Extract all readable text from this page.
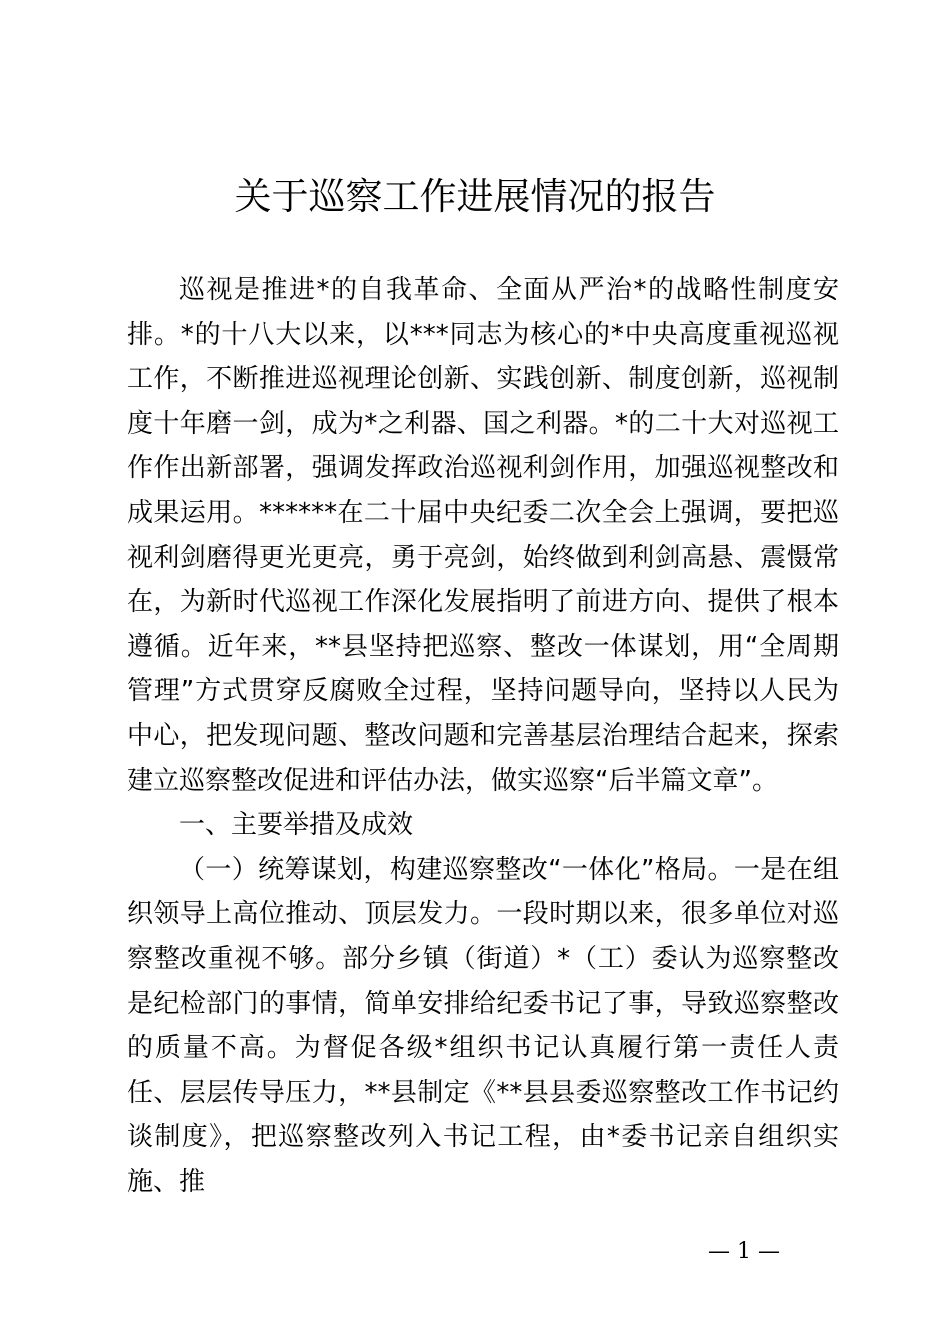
关于巡察工作进展情况的报告

巡视是推进*的自我革命、全面从严治*的战略性制度安排。*的十八大以来，以***同志为核心的*中央高度重视巡视工作，不断推进巡视理论创新、实践创新、制度创新，巡视制度十年磨一剑，成为*之利器、国之利器。*的二十大对巡视工作作出新部署，强调发挥政治巡视利剑作用，加强巡视整改和成果运用。******在二十届中央纪委二次全会上强调，要把巡视利剑磨得更光更亮，勇于亮剑，始终做到利剑高悬、震慑常在，为新时代巡视工作深化发展指明了前进方向、提供了根本遵循。近年来，**县坚持把巡察、整改一体谋划，用“全周期管理”方式贯穿反腐败全过程，坚持问题导向，坚持以人民为中心，把发现问题、整改问题和完善基层治理结合起来，探索建立巡察整改促进和评估办法，做实巡察“后半篇文章”。

一、主要举措及成效

（一）统筹谋划，构建巡察整改“一体化”格局。一是在组织领导上高位推动、顶层发力。一段时期以来，很多单位对巡察整改重视不够。部分乡镇（街道）*（工）委认为巡察整改是纪检部门的事情，简单安排给纪委书记了事，导致巡察整改的质量不高。为督促各级*组织书记认真履行第一责任人责任、层层传导压力，**县制定《**县县委巡察整改工作书记约谈制度》，把巡察整改列入书记工程，由*委书记亲自组织实施、推

— 1 —
